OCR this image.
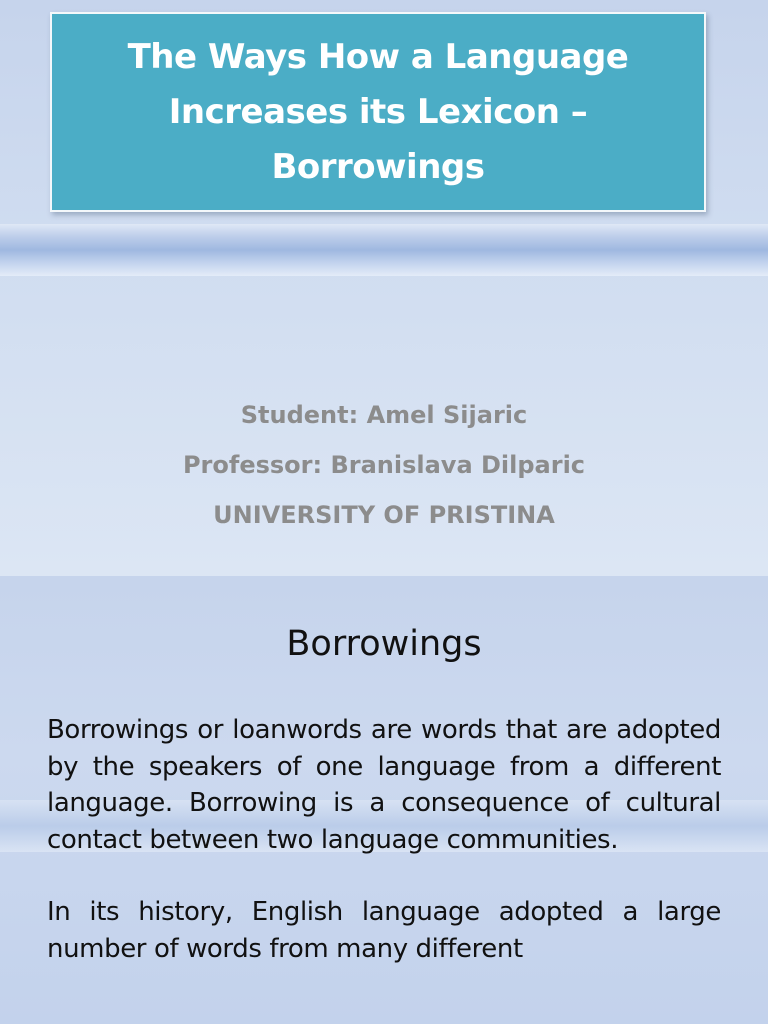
The Ways How a Language
Increases its Lexicon –
Borrowings
Student: Amel Sijaric
Professor: Branislava Dilparic
UNIVERSITY OF PRISTINA
Borrowings

Borrowings or loanwords are words that are adopted by the speakers of one language from a different language. Borrowing is a consequence of cultural contact between two language communities.

In its history, English language adopted a large number of words from many different
